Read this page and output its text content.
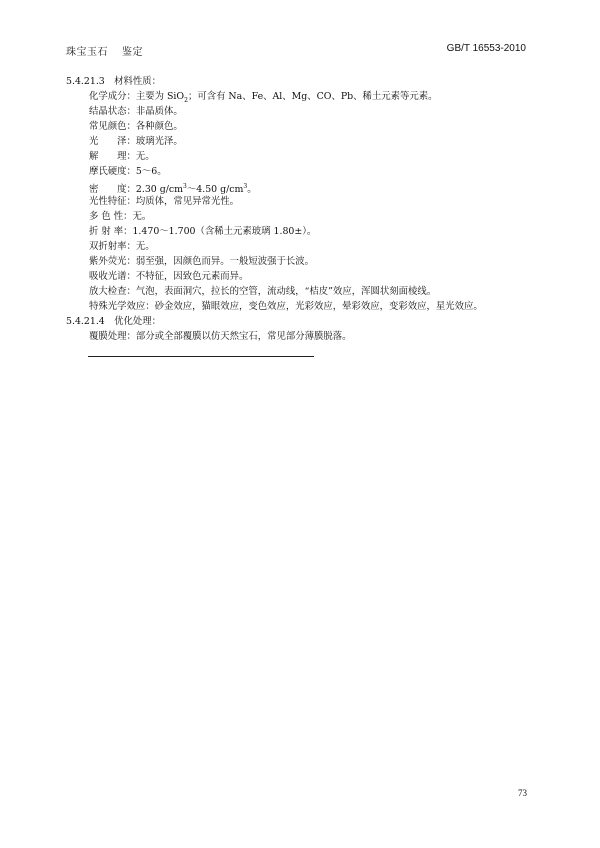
珠宝玉石 鉴定	GB/T 16553-2010
5.4.21.3　 材料性质：
化学成分：主要为 SiO$_2$；可含有 Na、Fe、Al、Mg、CO、Pb、稀土元素等元素。
结晶状态：非晶质体。
常见颜色：各种颜色。
光　　泽：玻璃光泽。
解　　理：无。
摩氏硬度：5～6。
密　　度：2.30 $g/cm^3\sim 4.50$ $g/cm^3$。
光性特征：均质体，常见异常光性。
多 色 性：无。
折 射 率：1.470～1.700（含稀土元素玻璃 1.80±）。
双折射率：无。
紫外荧光：弱至强，因颜色而异。一般短波强于长波。
吸收光谱：不特征，因致色元素而异。
放大检查：气泡，表面洞穴，拉长的空管，流动线，“桔皮”效应，浑圆状刻面棱线。
特殊光学效应：砂金效应，猫眼效应，变色效应，光彩效应，晕彩效应，变彩效应，星光效应。
5.4.21.4　 优化处理：
覆膜处理：部分或全部覆膜以仿天然宝石，常见部分薄膜脱落。
73
